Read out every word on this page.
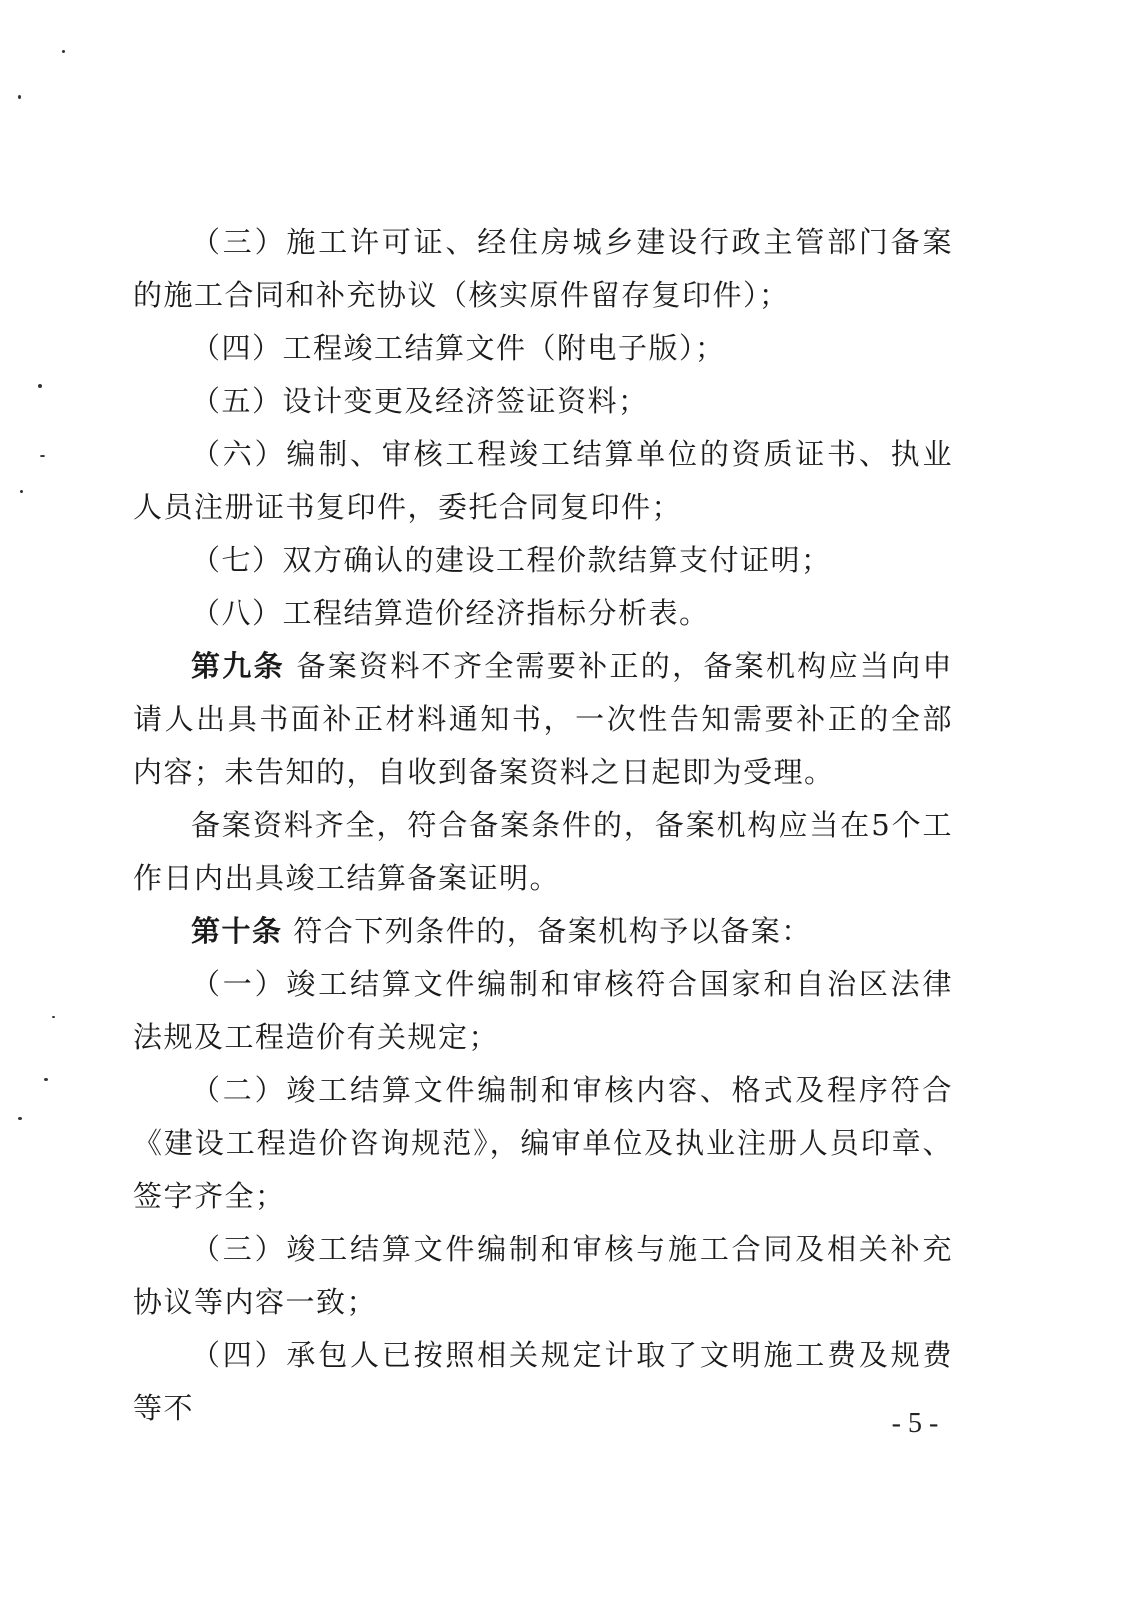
（三）施工许可证、经住房城乡建设行政主管部门备案的施工合同和补充协议（核实原件留存复印件）；

（四）工程竣工结算文件（附电子版）；

（五）设计变更及经济签证资料；

（六）编制、审核工程竣工结算单位的资质证书、执业人员注册证书复印件，委托合同复印件；

（七）双方确认的建设工程价款结算支付证明；

（八）工程结算造价经济指标分析表。

第九条 备案资料不齐全需要补正的，备案机构应当向申请人出具书面补正材料通知书，一次性告知需要补正的全部内容；未告知的，自收到备案资料之日起即为受理。

备案资料齐全，符合备案条件的，备案机构应当在5个工作日内出具竣工结算备案证明。

第十条 符合下列条件的，备案机构予以备案：

（一）竣工结算文件编制和审核符合国家和自治区法律法规及工程造价有关规定；

（二）竣工结算文件编制和审核内容、格式及程序符合《建设工程造价咨询规范》，编审单位及执业注册人员印章、签字齐全；

（三）竣工结算文件编制和审核与施工合同及相关补充协议等内容一致；

（四）承包人已按照相关规定计取了文明施工费及规费等不	- 5 -
